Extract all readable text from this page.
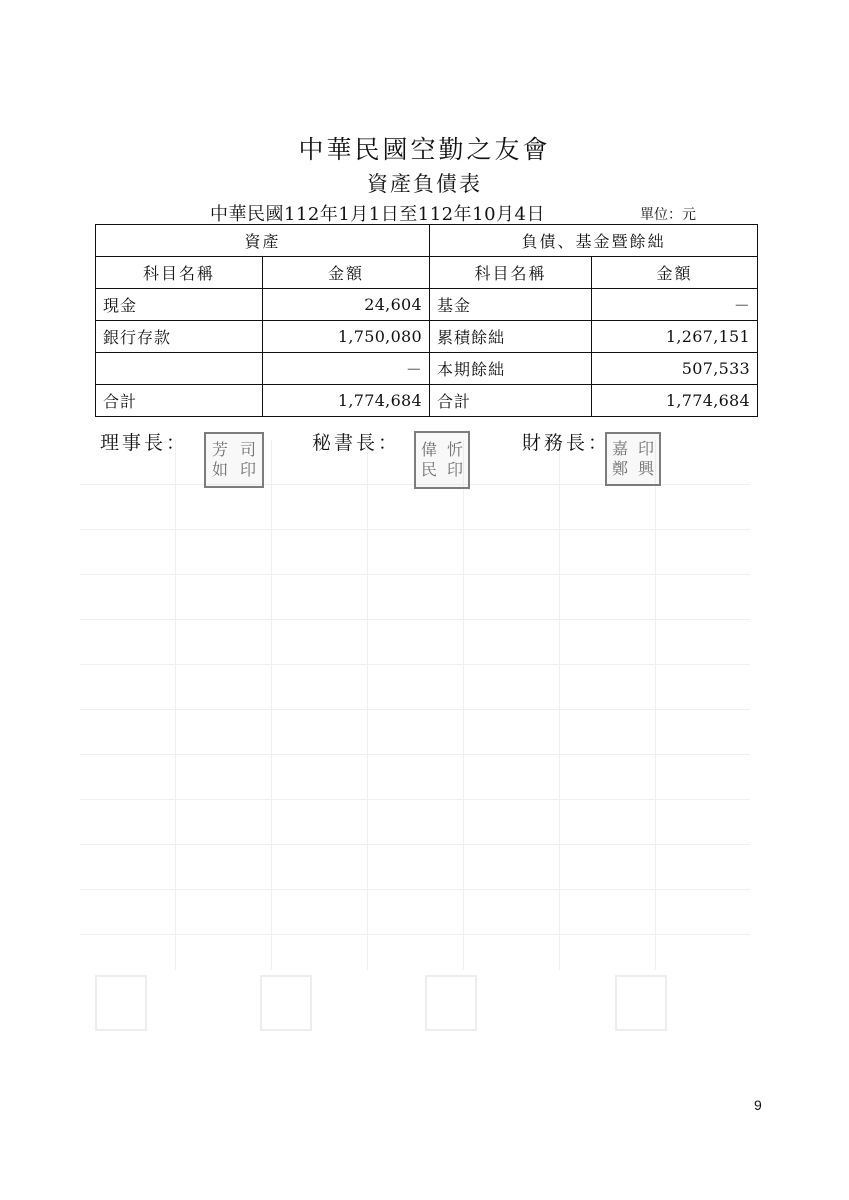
中華民國空勤之友會
資產負債表
中華民國112年1月1日至112年10月4日	單位：元
資產		負債、基金暨餘絀	
科目名稱	金額	科目名稱	金額
現金	24,604	基金	－
銀行存款	1,750,080	累積餘絀	1,267,151
	－	本期餘絀	507,533
合計	1,774,684	合計	1,774,684
理事長：	芳 司
如 印
秘書長：	偉 忻
民 印
財務長： 嘉 印
鄭 興
9
